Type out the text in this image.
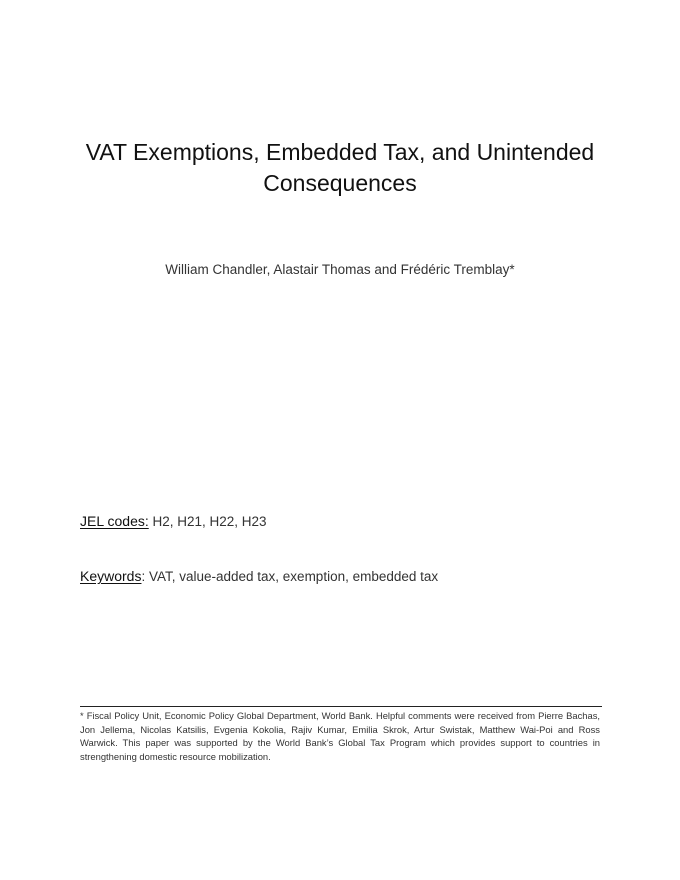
VAT Exemptions, Embedded Tax, and Unintended Consequences
William Chandler, Alastair Thomas and Frédéric Tremblay*
JEL codes: H2, H21, H22, H23
Keywords: VAT, value-added tax, exemption, embedded tax

* Fiscal Policy Unit, Economic Policy Global Department, World Bank. Helpful comments were received from Pierre Bachas, Jon Jellema, Nicolas Katsilis, Evgenia Kokolia, Rajiv Kumar, Emilia Skrok, Artur Swistak, Matthew Wai-Poi and Ross Warwick. This paper was supported by the World Bank’s Global Tax Program which provides support to countries in strengthening domestic resource mobilization.
